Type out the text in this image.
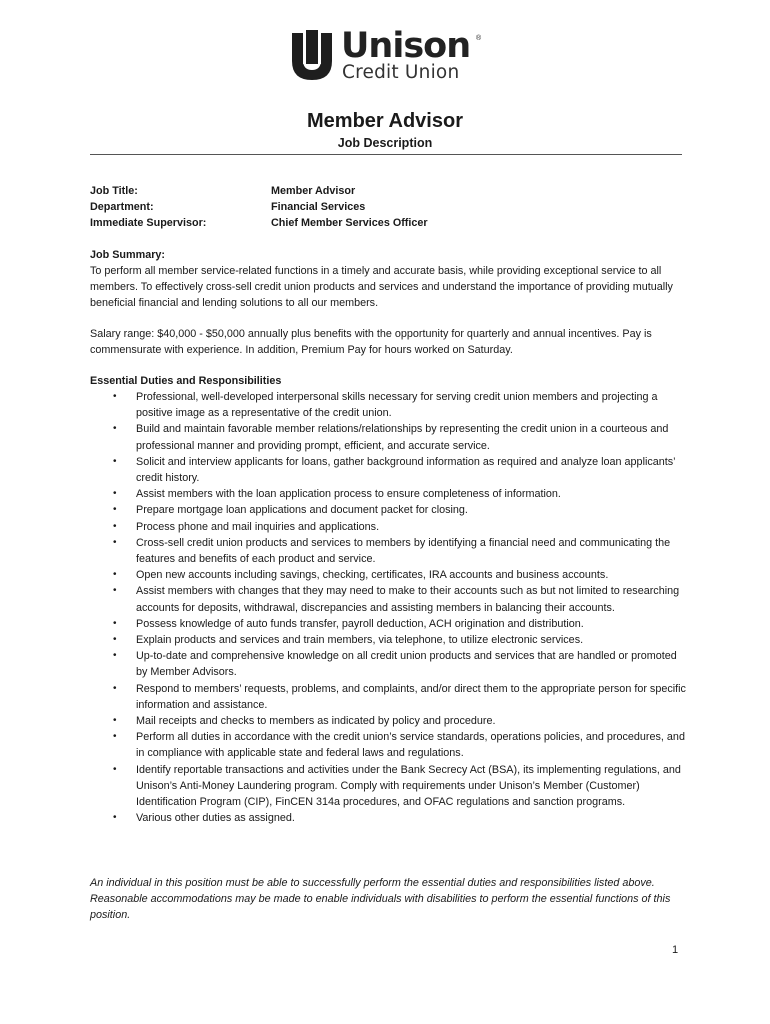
Unison ®
Credit Union
Member Advisor
Job Description
Job Title:	Member Advisor
Department:	Financial Services
Immediate Supervisor:	Chief Member Services Officer
Job Summary:

To perform all member service-related functions in a timely and accurate basis, while providing exceptional service to all members. To effectively cross-sell credit union products and services and understand the importance of providing mutually beneficial financial and lending solutions to all our members.

Salary range: $40,000 - $50,000 annually plus benefits with the opportunity for quarterly and annual incentives. Pay is commensurate with experience. In addition, Premium Pay for hours worked on Saturday.

Essential Duties and Responsibilities
• Professional, well-developed interpersonal skills necessary for serving credit union members and projecting a positive image as a representative of the credit union.
• Build and maintain favorable member relations/relationships by representing the credit union in a courteous and professional manner and providing prompt, efficient, and accurate service.
• Solicit and interview applicants for loans, gather background information as required and analyze loan applicants’ credit history.
• Assist members with the loan application process to ensure completeness of information.
• Prepare mortgage loan applications and document packet for closing.
• Process phone and mail inquiries and applications.
• Cross-sell credit union products and services to members by identifying a financial need and communicating the features and benefits of each product and service.
• Open new accounts including savings, checking, certificates, IRA accounts and business accounts.
• Assist members with changes that they may need to make to their accounts such as but not limited to researching accounts for deposits, withdrawal, discrepancies and assisting members in balancing their accounts.
• Possess knowledge of auto funds transfer, payroll deduction, ACH origination and distribution.
• Explain products and services and train members, via telephone, to utilize electronic services.
• Up-to-date and comprehensive knowledge on all credit union products and services that are handled or promoted by Member Advisors.
• Respond to members’ requests, problems, and complaints, and/or direct them to the appropriate person for specific information and assistance.
• Mail receipts and checks to members as indicated by policy and procedure.
• Perform all duties in accordance with the credit union’s service standards, operations policies, and procedures, and in compliance with applicable state and federal laws and regulations.
• Identify reportable transactions and activities under the Bank Secrecy Act (BSA), its implementing regulations, and Unison’s Anti-Money Laundering program. Comply with requirements under Unison’s Member (Customer) Identification Program (CIP), FinCEN 314a procedures, and OFAC regulations and sanction programs.
• Various other duties as assigned.
An individual in this position must be able to successfully perform the essential duties and responsibilities listed above. Reasonable accommodations may be made to enable individuals with disabilities to perform the essential functions of this position.
1
